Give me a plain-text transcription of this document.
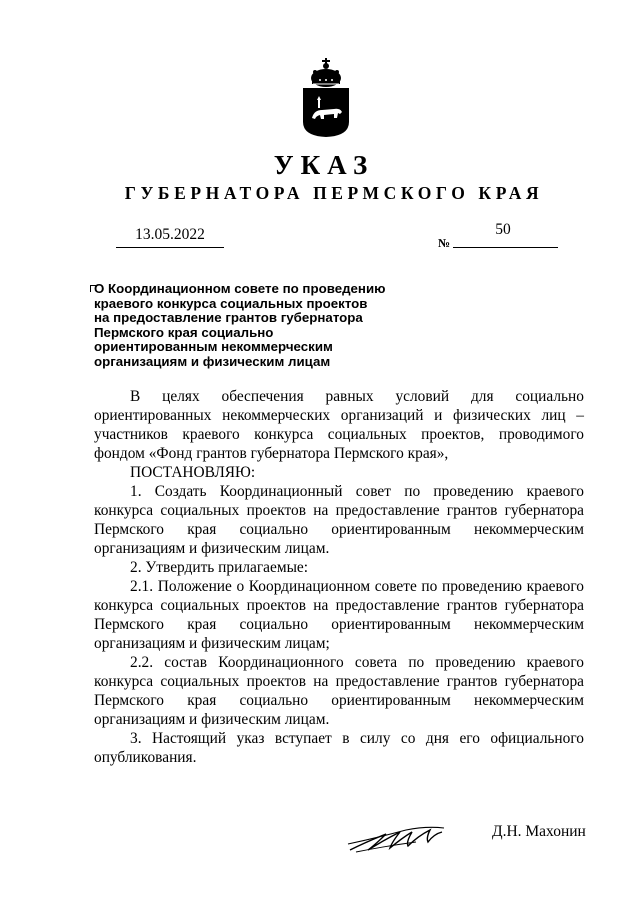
УКАЗ
ГУБЕРНАТОРА ПЕРМСКОГО КРАЯ
13.05.2022	50
№
О Координационном совете по проведению
краевого конкурса социальных проектов
на предоставление грантов губернатора
Пермского края социально
ориентированным некоммерческим
организациям и физическим лицам

В целях обеспечения равных условий для социально ориентированных некоммерческих организаций и физических лиц – участников краевого конкурса социальных проектов, проводимого фондом «Фонд грантов губернатора Пермского края»,

ПОСТАНОВЛЯЮ:

1. Создать Координационный совет по проведению краевого конкурса социальных проектов на предоставление грантов губернатора Пермского края социально ориентированным некоммерческим организациям и физическим лицам.

2. Утвердить прилагаемые:

2.1. Положение о Координационном совете по проведению краевого конкурса социальных проектов на предоставление грантов губернатора Пермского края социально ориентированным некоммерческим организациям и физическим лицам;

2.2. состав Координационного совета по проведению краевого конкурса социальных проектов на предоставление грантов губернатора Пермского края социально ориентированным некоммерческим организациям и физическим лицам.

3. Настоящий указ вступает в силу со дня его официального опубликования.

Д.Н. Махонин
